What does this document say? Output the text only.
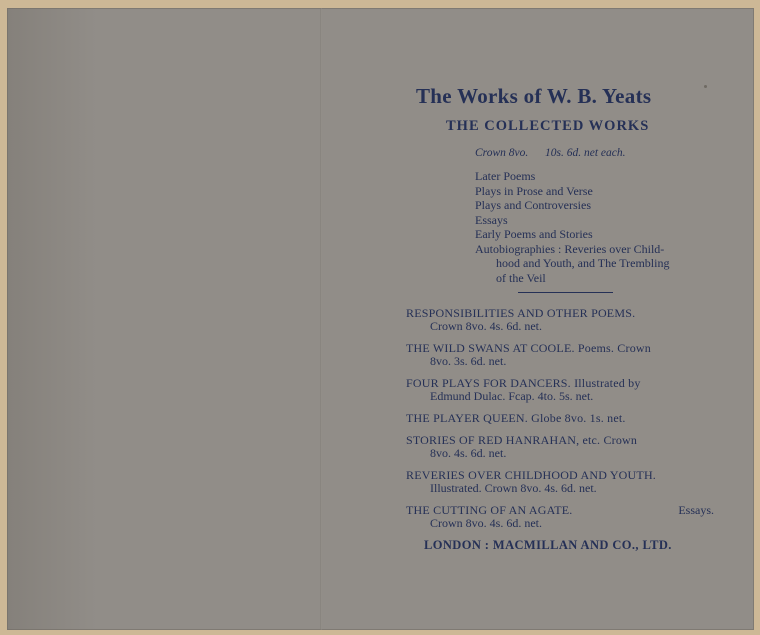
The Works of W. B. Yeats
THE COLLECTED WORKS
Crown 8vo. 10s. 6d. net each.
Later Poems
Plays in Prose and Verse
Plays and Controversies
Essays
Early Poems and Stories
Autobiographies : Reveries over Child-
hood and Youth, and The Trembling
of the Veil

RESPONSIBILITIES AND OTHER POEMS.
Crown 8vo. 4s. 6d. net.

THE WILD SWANS AT COOLE. Poems. Crown
8vo. 3s. 6d. net.

FOUR PLAYS FOR DANCERS. Illustrated by
Edmund Dulac. Fcap. 4to. 5s. net.

THE PLAYER QUEEN. Globe 8vo. 1s. net.

STORIES OF RED HANRAHAN, etc. Crown
8vo. 4s. 6d. net.

REVERIES OVER CHILDHOOD AND YOUTH.
Illustrated. Crown 8vo. 4s. 6d. net.

THE CUTTING OF AN AGATE.	Essays.
Crown 8vo. 4s. 6d. net.

LONDON : MACMILLAN AND CO., LTD.
